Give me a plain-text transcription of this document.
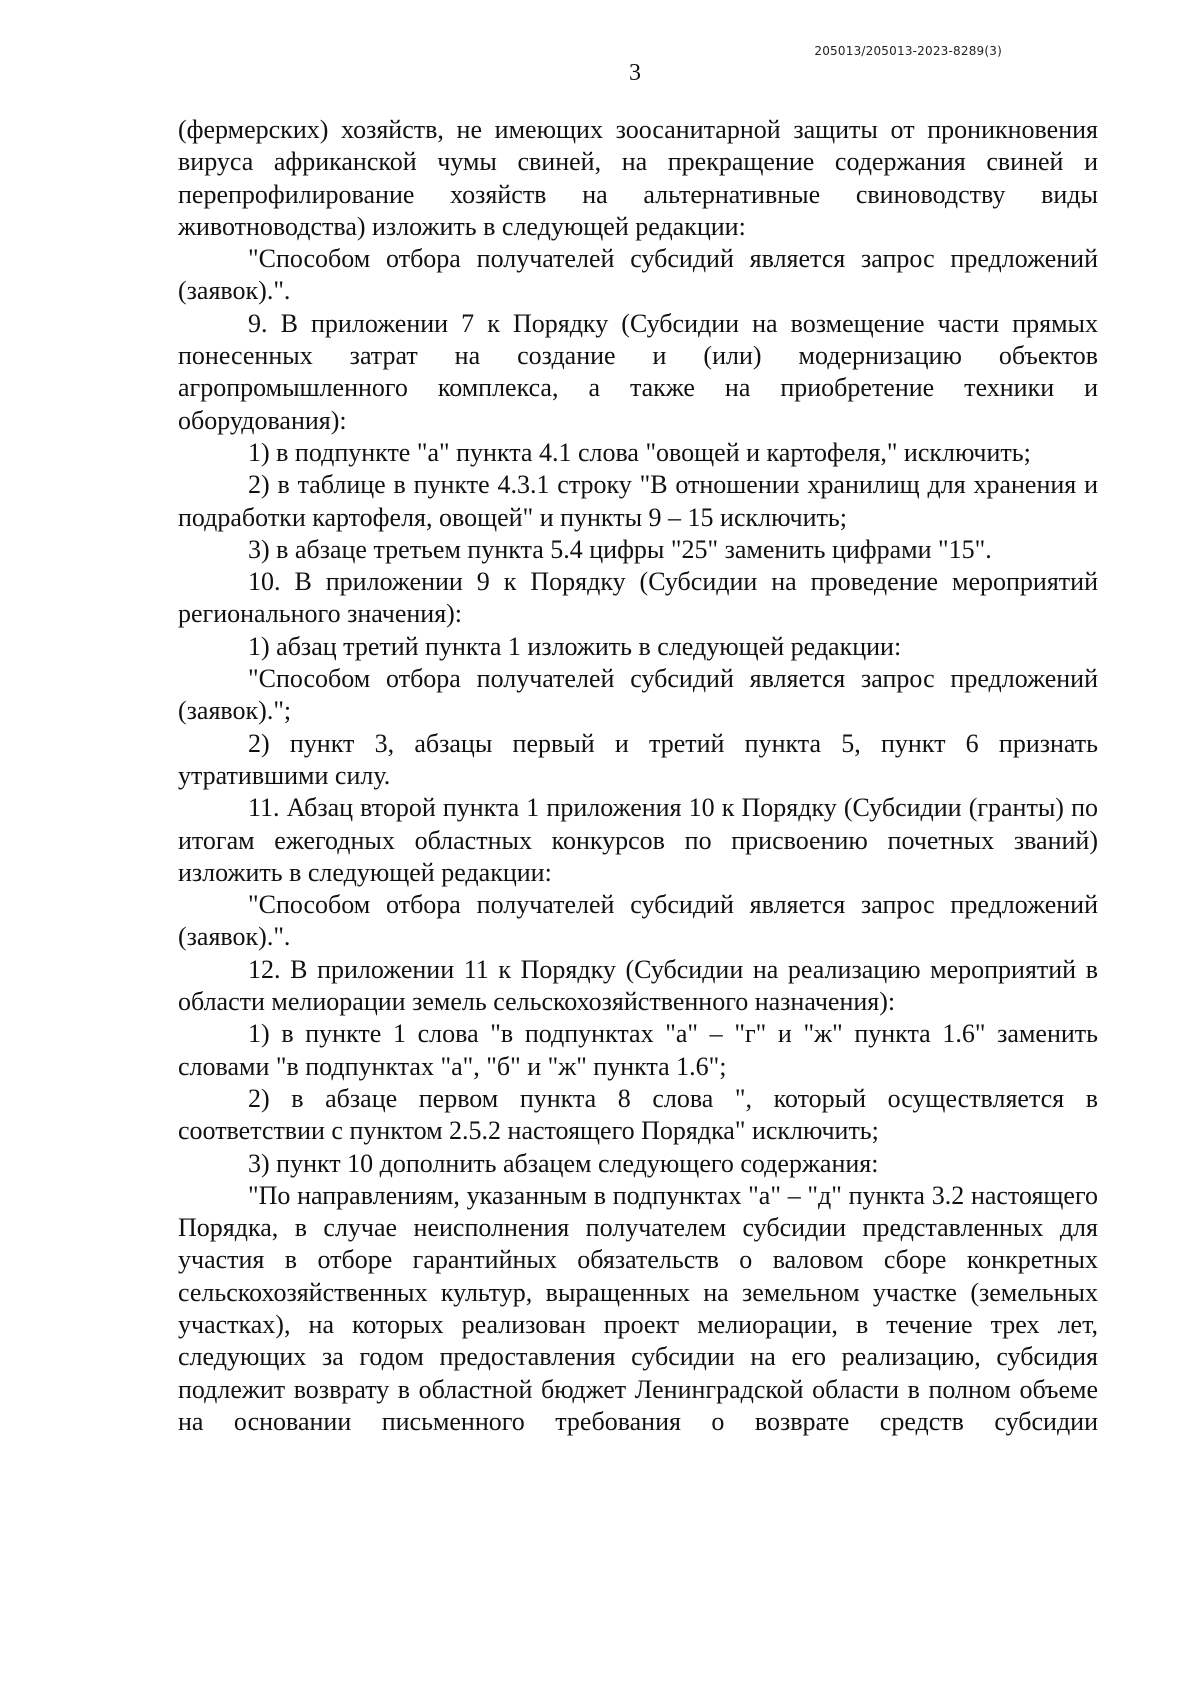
205013/205013-2023-8289(3)
3

(фермерских) хозяйств, не имеющих зоосанитарной защиты от проникновения вируса африканской чумы свиней, на прекращение содержания свиней и перепрофилирование хозяйств на альтернативные свиноводству виды животноводства) изложить в следующей редакции:

"Способом отбора получателей субсидий является запрос предложений (заявок).".

9. В приложении 7 к Порядку (Субсидии на возмещение части прямых понесенных затрат на создание и (или) модернизацию объектов агропромышленного комплекса, а также на приобретение техники и оборудования):

1) в подпункте "а" пункта 4.1 слова "овощей и картофеля," исключить;

2) в таблице в пункте 4.3.1 строку "В отношении хранилищ для хранения и подработки картофеля, овощей" и пункты 9 – 15 исключить;

3) в абзаце третьем пункта 5.4 цифры "25" заменить цифрами "15".

10. В приложении 9 к Порядку (Субсидии на проведение мероприятий регионального значения):

1) абзац третий пункта 1 изложить в следующей редакции:

"Способом отбора получателей субсидий является запрос предложений (заявок).";

2) пункт 3, абзацы первый и третий пункта 5, пункт 6 признать утратившими силу.

11. Абзац второй пункта 1 приложения 10 к Порядку (Субсидии (гранты) по итогам ежегодных областных конкурсов по присвоению почетных званий) изложить в следующей редакции:

"Способом отбора получателей субсидий является запрос предложений (заявок).".

12. В приложении 11 к Порядку (Субсидии на реализацию мероприятий в области мелиорации земель сельскохозяйственного назначения):

1) в пункте 1 слова "в подпунктах "а" – "г" и "ж" пункта 1.6" заменить словами "в подпунктах "а", "б" и "ж" пункта 1.6";

2) в абзаце первом пункта 8 слова ", который осуществляется в соответствии с пунктом 2.5.2 настоящего Порядка" исключить;

3) пункт 10 дополнить абзацем следующего содержания:

"По направлениям, указанным в подпунктах "а" – "д" пункта 3.2 настоящего Порядка, в случае неисполнения получателем субсидии представленных для участия в отборе гарантийных обязательств о валовом сборе конкретных сельскохозяйственных культур, выращенных на земельном участке (земельных участках), на которых реализован проект мелиорации, в течение трех лет, следующих за годом предоставления субсидии на его реализацию, субсидия подлежит возврату в областной бюджет Ленинградской области в полном объеме на основании письменного требования о возврате средств субсидии
